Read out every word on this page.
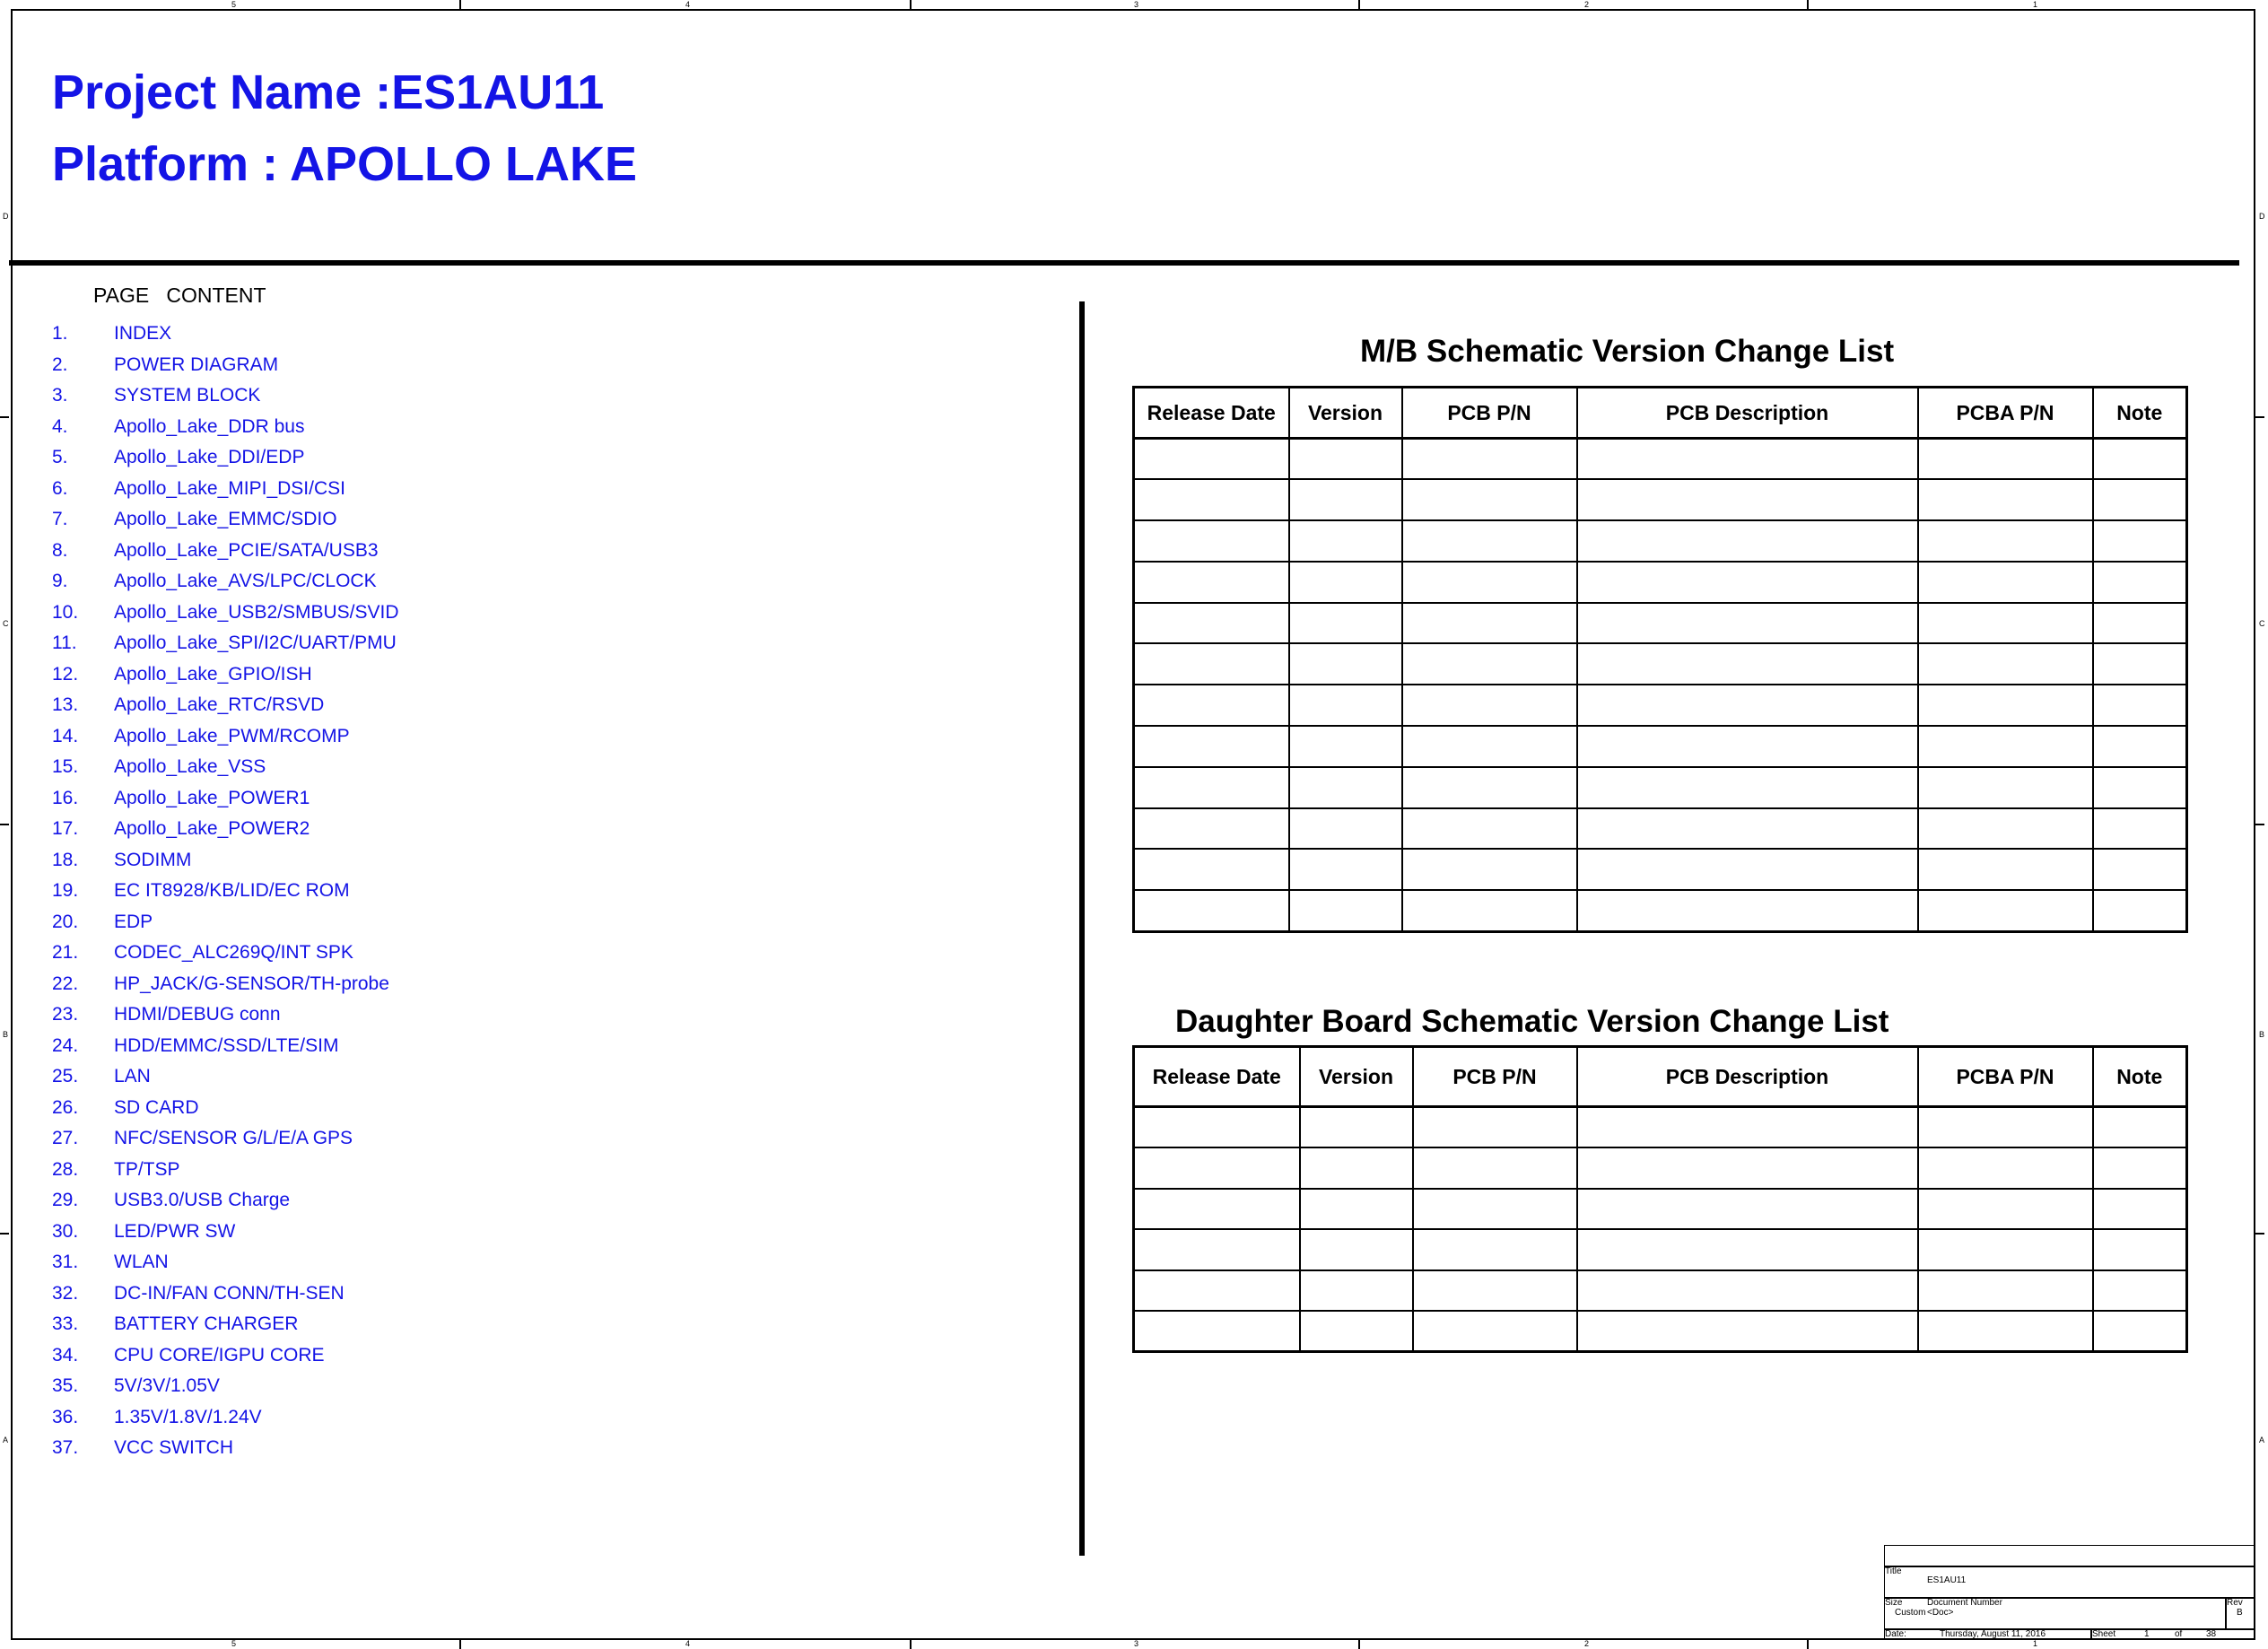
5	4	3	2	1
5	4	3	2	1
D
C
B
A
D
C
B
A
Project Name :ES1AU11
Platform : APOLLO LAKE
PAGE   CONTENT
1.	INDEX
2.	POWER DIAGRAM
3.	SYSTEM BLOCK
4.	Apollo_Lake_DDR bus
5.	Apollo_Lake_DDI/EDP
6.	Apollo_Lake_MIPI_DSI/CSI
7.	Apollo_Lake_EMMC/SDIO
8.	Apollo_Lake_PCIE/SATA/USB3
9.	Apollo_Lake_AVS/LPC/CLOCK
10. Apollo_Lake_USB2/SMBUS/SVID
11. Apollo_Lake_SPI/I2C/UART/PMU
12. Apollo_Lake_GPIO/ISH
13. Apollo_Lake_RTC/RSVD
14. Apollo_Lake_PWM/RCOMP
15. Apollo_Lake_VSS
16. Apollo_Lake_POWER1
17. Apollo_Lake_POWER2
18. SODIMM
19. EC IT8928/KB/LID/EC ROM
20. EDP
21. CODEC_ALC269Q/INT SPK
22. HP_JACK/G-SENSOR/TH-probe
23. HDMI/DEBUG conn
24. HDD/EMMC/SSD/LTE/SIM
25. LAN
26. SD CARD
27. NFC/SENSOR G/L/E/A GPS
28. TP/TSP
29. USB3.0/USB Charge
30. LED/PWR SW
31. WLAN
32. DC-IN/FAN CONN/TH-SEN
33. BATTERY CHARGER
34. CPU CORE/IGPU CORE
35. 5V/3V/1.05V
36. 1.35V/1.8V/1.24V
37. VCC SWITCH
M/B Schematic Version Change List
Release Date	Version	PCB P/N	PCB Description	PCBA P/N	Note

Daughter Board Schematic Version Change List
Release Date	Version	PCB P/N	PCB Description	PCBA P/N	Note

Title
ES1AU11
Size
Custom
Document Number
<Doc>
Rev
B
Date:	Thursday, August 11, 2016	Sheet	1	of	38
